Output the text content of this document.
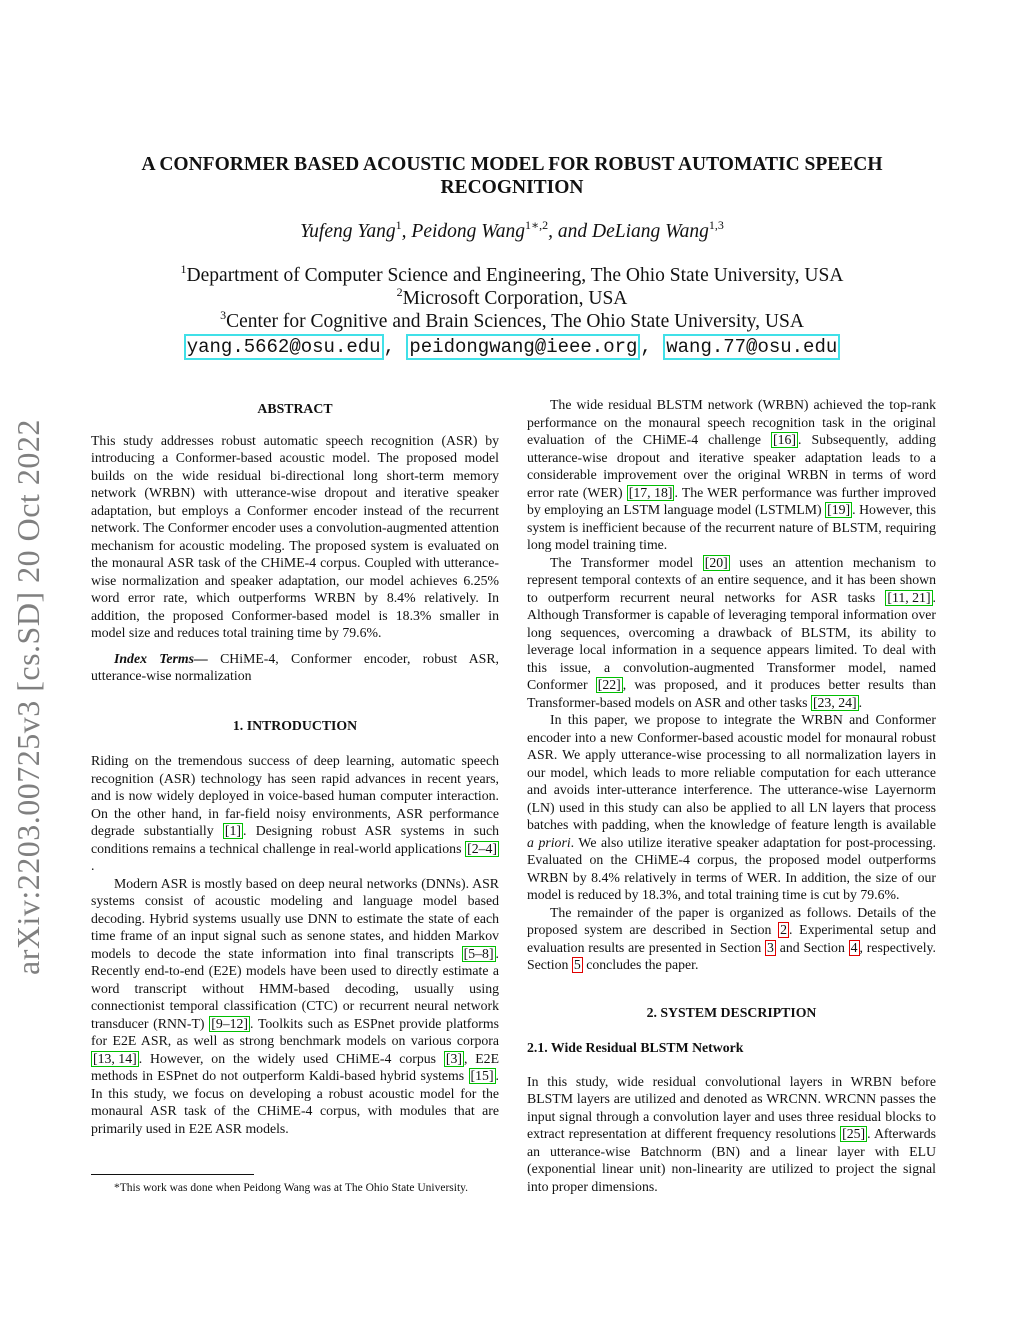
arXiv:2203.00725v3 [cs.SD] 20 Oct 2022
A CONFORMER BASED ACOUSTIC MODEL FOR ROBUST AUTOMATIC SPEECH RECOGNITION
Yufeng Yang$^1$, Peidong Wang$^{1∗,2}$, and DeLiang Wang$^{1,3}$
$^1$Department of Computer Science and Engineering, The Ohio State University, USA
$^2$Microsoft Corporation, USA
$^3$Center for Cognitive and Brain Sciences, The Ohio State University, USA
yang.5662@osu.edu , peidongwang@ieee.org , wang.77@osu.edu
ABSTRACT

This study addresses robust automatic speech recognition (ASR) by introducing a Conformer-based acoustic model. The proposed model builds on the wide residual bi-directional long short-term memory network (WRBN) with utterance-wise dropout and iterative speaker adaptation, but employs a Conformer encoder instead of the recurrent network. The Conformer encoder uses a convolution-augmented attention mechanism for acoustic modeling. The proposed system is evaluated on the monaural ASR task of the CHiME-4 corpus. Coupled with utterance-wise normalization and speaker adaptation, our model achieves 6.25% word error rate, which outperforms WRBN by 8.4% relatively. In addition, the proposed Conformer-based model is 18.3% smaller in model size and reduces total training time by 79.6%.

Index Terms— CHiME-4, Conformer encoder, robust ASR, utterance-wise normalization

1. INTRODUCTION

Riding on the tremendous success of deep learning, automatic speech recognition (ASR) technology has seen rapid advances in recent years, and is now widely deployed in voice-based human computer interaction. On the other hand, in far-field noisy environments, ASR performance degrade substantially [1] . Designing robust ASR systems in such conditions remains a technical challenge in real-world applications [2–4].

Modern ASR is mostly based on deep neural networks (DNNs). ASR systems consist of acoustic modeling and language model based decoding. Hybrid systems usually use DNN to estimate the state of each time frame of an input signal such as senone states, and hidden Markov models to decode the state information into final transcripts [5–8] . Recently end-to-end (E2E) models have been used to directly estimate a word transcript without HMM-based decoding, usually using connectionist temporal classification (CTC) or recurrent neural network transducer (RNN-T) [9–12] . Toolkits such as ESPnet provide platforms for E2E ASR, as well as strong benchmark models on various corpora [13, 14] . However, on the widely used CHiME-4 corpus [3] , E2E methods in ESPnet do not outperform Kaldi-based hybrid systems [15] . In this study, we focus on developing a robust acoustic model for the monaural ASR task of the CHiME-4 corpus, with modules that are primarily used in E2E ASR models.

*This work was done when Peidong Wang was at The Ohio State University.

The wide residual BLSTM network (WRBN) achieved the top-rank performance on the monaural speech recognition task in the original evaluation of the CHiME-4 challenge [16] . Subsequently, adding utterance-wise dropout and iterative speaker adaptation leads to a considerable improvement over the original WRBN in terms of word error rate (WER) [17, 18] . The WER performance was further improved by employing an LSTM language model (LSTMLM) [19] . However, this system is inefficient because of the recurrent nature of BLSTM, requiring long model training time.

The Transformer model [20] uses an attention mechanism to represent temporal contexts of an entire sequence, and it has been shown to outperform recurrent neural networks for ASR tasks [11, 21] . Although Transformer is capable of leveraging temporal information over long sequences, overcoming a drawback of BLSTM, its ability to leverage local information in a sequence appears limited. To deal with this issue, a convolution-augmented Transformer model, named Conformer [22] , was proposed, and it produces better results than Transformer-based models on ASR and other tasks [23, 24] .

In this paper, we propose to integrate the WRBN and Conformer encoder into a new Conformer-based acoustic model for monaural robust ASR. We apply utterance-wise processing to all normalization layers in our model, which leads to more reliable computation for each utterance and avoids inter-utterance interference. The utterance-wise Layernorm (LN) used in this study can also be applied to all LN layers that process batches with padding, when the knowledge of feature length is available a priori. We also utilize iterative speaker adaptation for post-processing. Evaluated on the CHiME-4 corpus, the proposed model outperforms WRBN by 8.4% relatively in terms of WER. In addition, the size of our model is reduced by 18.3%, and total training time is cut by 79.6%.

The remainder of the paper is organized as follows. Details of the proposed system are described in Section 2 . Experimental setup and evaluation results are presented in Section 3 and Section 4 , respectively. Section 5 concludes the paper.

2. SYSTEM DESCRIPTION
2.1. Wide Residual BLSTM Network

In this study, wide residual convolutional layers in WRBN before BLSTM layers are utilized and denoted as WRCNN. WRCNN passes the input signal through a convolution layer and uses three residual blocks to extract representation at different frequency resolutions [25] . Afterwards an utterance-wise Batchnorm (BN) and a linear layer with ELU (exponential linear unit) non-linearity are utilized to project the signal into proper dimensions.
